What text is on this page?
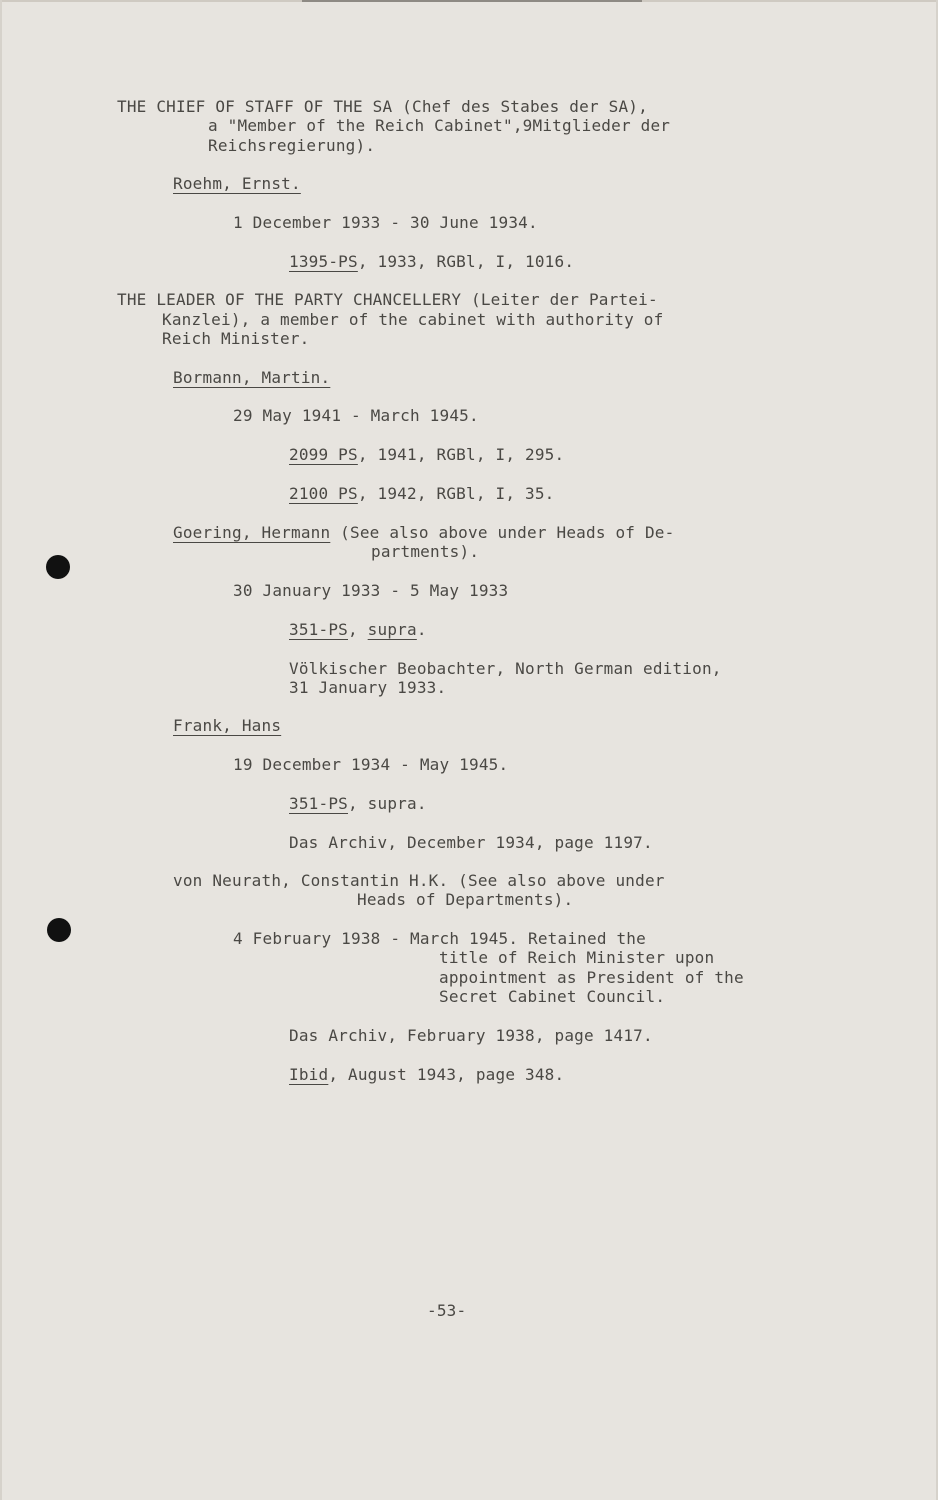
THE CHIEF OF STAFF OF THE SA (Chef des Stabes der SA),
a "Member of the Reich Cabinet",9Mitglieder der
Reichsregierung).
Roehm, Ernst.
1 December 1933 - 30 June 1934.
1395-PS, 1933, RGBl, I, 1016.
THE LEADER OF THE PARTY CHANCELLERY (Leiter der Partei-
Kanzlei), a member of the cabinet with authority of
Reich Minister.
Bormann, Martin.
29 May 1941 - March 1945.
2099 PS, 1941, RGBl, I, 295.
2100 PS, 1942, RGBl, I, 35.
Goering, Hermann (See also above under Heads of De-
partments).
30 January 1933 - 5 May 1933
351-PS, supra.
Völkischer Beobachter, North German edition,
31 January 1933.
Frank, Hans
19 December 1934 - May 1945.
351-PS, supra.
Das Archiv, December 1934, page 1197.
von Neurath, Constantin H.K. (See also above under
Heads of Departments).
4 February 1938 - March 1945. Retained the
title of Reich Minister upon
appointment as President of the
Secret Cabinet Council.
Das Archiv, February 1938, page 1417.
Ibid, August 1943, page 348.
-53-
